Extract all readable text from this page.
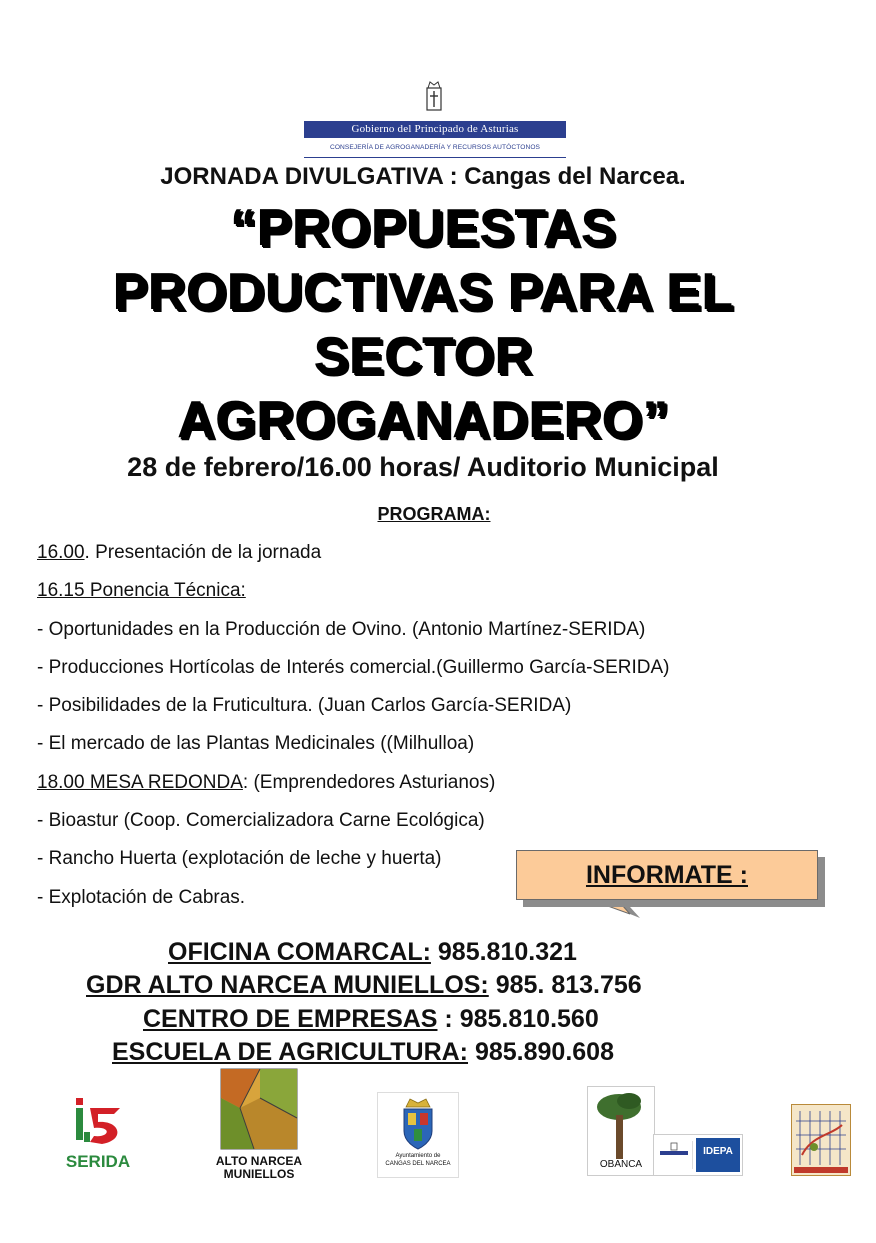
Gobierno del Principado de Asturias
CONSEJERÍA DE AGROGANADERÍA Y RECURSOS AUTÓCTONOS
JORNADA DIVULGATIVA : Cangas del Narcea.
“PROPUESTAS
PRODUCTIVAS PARA EL
SECTOR
AGROGANADERO”
28 de febrero/16.00 horas/ Auditorio Municipal
PROGRAMA:
16.00. Presentación de la jornada
16.15 Ponencia Técnica:
- Oportunidades en la Producción de Ovino. (Antonio Martínez-SERIDA)
- Producciones Hortícolas de Interés comercial.(Guillermo García-SERIDA)
- Posibilidades de la Fruticultura. (Juan Carlos García-SERIDA)
- El mercado de las Plantas Medicinales ((Milhulloa)
18.00 MESA REDONDA: (Emprendedores Asturianos)
- Bioastur (Coop. Comercializadora Carne Ecológica)
- Rancho Huerta (explotación de leche y huerta)
- Explotación de Cabras.
INFORMATE :
OFICINA COMARCAL: 985.810.321
GDR ALTO NARCEA MUNIELLOS: 985. 813.756
CENTRO DE EMPRESAS : 985.810.560
ESCUELA DE AGRICULTURA: 985.890.608
SERIDA	ALTO NARCEA
MUNIELLOS
Ayuntamiento de
CANGAS DEL NARCEA	OBANCA
IDEPA
